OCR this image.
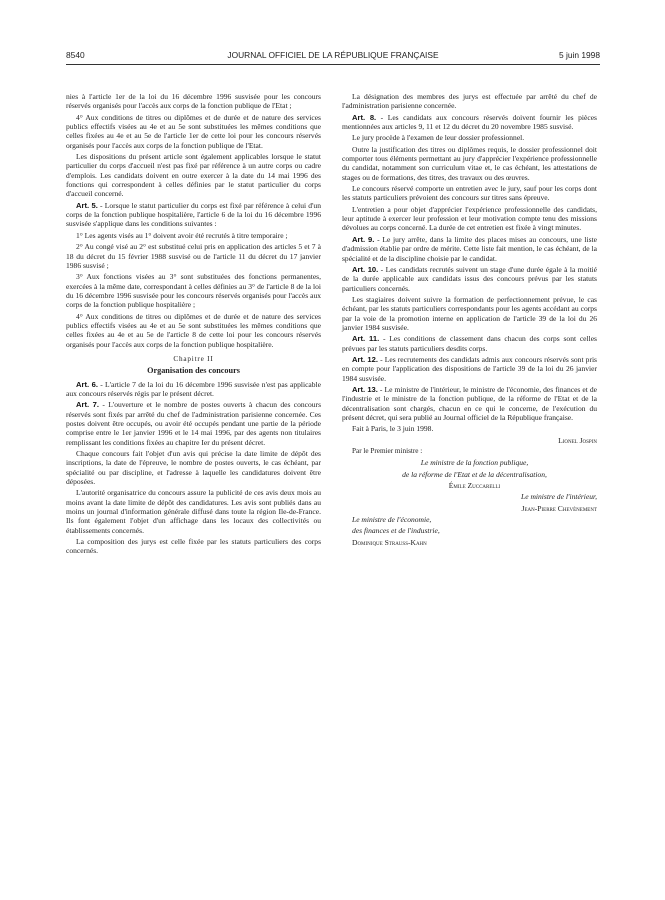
8540	JOURNAL OFFICIEL DE LA RÉPUBLIQUE FRANÇAISE	5 juin 1998

nies à l'article 1er de la loi du 16 décembre 1996 susvisée pour les concours réservés organisés pour l'accès aux corps de la fonction publique de l'Etat ;

4° Aux conditions de titres ou diplômes et de durée et de nature des services publics effectifs visées au 4e et au 5e sont substituées les mêmes conditions que celles fixées au 4e et au 5e de l'article 1er de cette loi pour les concours réservés organisés pour l'accès aux corps de la fonction publique de l'Etat.

Les dispositions du présent article sont également applicables lorsque le statut particulier du corps d'accueil n'est pas fixé par référence à un autre corps ou cadre d'emplois. Les candidats doivent en outre exercer à la date du 14 mai 1996 des fonctions qui correspondent à celles définies par le statut particulier du corps d'accueil concerné.

Art. 5. - Lorsque le statut particulier du corps est fixé par référence à celui d'un corps de la fonction publique hospitalière, l'article 6 de la loi du 16 décembre 1996 susvisée s'applique dans les conditions suivantes :

1° Les agents visés au 1° doivent avoir été recrutés à titre temporaire ;

2° Au congé visé au 2° est substitué celui pris en application des articles 5 et 7 à 18 du décret du 15 février 1988 susvisé ou de l'article 11 du décret du 17 janvier 1986 susvisé ;

3° Aux fonctions visées au 3° sont substituées des fonctions permanentes, exercées à la même date, correspondant à celles définies au 3° de l'article 8 de la loi du 16 décembre 1996 susvisée pour les concours réservés organisés pour l'accès aux corps de la fonction publique hospitalière ;

4° Aux conditions de titres ou diplômes et de durée et de nature des services publics effectifs visées au 4e et au 5e sont substituées les mêmes conditions que celles fixées au 4e et au 5e de l'article 8 de cette loi pour les concours réservés organisés pour l'accès aux corps de la fonction publique hospitalière.

Chapitre II
Organisation des concours

Art. 6. - L'article 7 de la loi du 16 décembre 1996 susvisée n'est pas applicable aux concours réservés régis par le présent décret.

Art. 7. - L'ouverture et le nombre de postes ouverts à chacun des concours réservés sont fixés par arrêté du chef de l'administration parisienne concernée. Ces postes doivent être occupés, ou avoir été occupés pendant une partie de la période comprise entre le 1er janvier 1996 et le 14 mai 1996, par des agents non titulaires remplissant les conditions fixées au chapitre Ier du présent décret.

Chaque concours fait l'objet d'un avis qui précise la date limite de dépôt des inscriptions, la date de l'épreuve, le nombre de postes ouverts, le cas échéant, par spécialité ou par discipline, et l'adresse à laquelle les candidatures doivent être déposées.

L'autorité organisatrice du concours assure la publicité de ces avis deux mois au moins avant la date limite de dépôt des candidatures. Les avis sont publiés dans au moins un journal d'information générale diffusé dans toute la région Ile-de-France. Ils font également l'objet d'un affichage dans les locaux des collectivités ou établissements concernés.

La composition des jurys est celle fixée par les statuts particuliers des corps concernés.

La désignation des membres des jurys est effectuée par arrêté du chef de l'administration parisienne concernée.

Art. 8. - Les candidats aux concours réservés doivent fournir les pièces mentionnées aux articles 9, 11 et 12 du décret du 20 novembre 1985 susvisé.

Le jury procède à l'examen de leur dossier professionnel.

Outre la justification des titres ou diplômes requis, le dossier professionnel doit comporter tous éléments permettant au jury d'apprécier l'expérience professionnelle du candidat, notamment son curriculum vitae et, le cas échéant, les attestations de stages ou de formations, des titres, des travaux ou des œuvres.

Le concours réservé comporte un entretien avec le jury, sauf pour les corps dont les statuts particuliers prévoient des concours sur titres sans épreuve.

L'entretien a pour objet d'apprécier l'expérience professionnelle des candidats, leur aptitude à exercer leur profession et leur motivation compte tenu des missions dévolues au corps concerné. La durée de cet entretien est fixée à vingt minutes.

Art. 9. - Le jury arrête, dans la limite des places mises au concours, une liste d'admission établie par ordre de mérite. Cette liste fait mention, le cas échéant, de la spécialité et de la discipline choisie par le candidat.

Art. 10. - Les candidats recrutés suivent un stage d'une durée égale à la moitié de la durée applicable aux candidats issus des concours prévus par les statuts particuliers concernés.

Les stagiaires doivent suivre la formation de perfectionnement prévue, le cas échéant, par les statuts particuliers correspondants pour les agents accédant au corps par la voie de la promotion interne en application de l'article 39 de la loi du 26 janvier 1984 susvisée.

Art. 11. - Les conditions de classement dans chacun des corps sont celles prévues par les statuts particuliers desdits corps.

Art. 12. - Les recrutements des candidats admis aux concours réservés sont pris en compte pour l'application des dispositions de l'article 39 de la loi du 26 janvier 1984 susvisée.

Art. 13. - Le ministre de l'intérieur, le ministre de l'économie, des finances et de l'industrie et le ministre de la fonction publique, de la réforme de l'Etat et de la décentralisation sont chargés, chacun en ce qui le concerne, de l'exécution du présent décret, qui sera publié au Journal officiel de la République française.

Fait à Paris, le 3 juin 1998.

Lionel Jospin

Par le Premier ministre :

Le ministre de la fonction publique,

de la réforme de l'Etat et de la décentralisation,

Émile Zuccarelli

Le ministre de l'intérieur,

Jean-Pierre Chevènement

Le ministre de l'économie,

des finances et de l'industrie,

Dominique Strauss-Kahn
